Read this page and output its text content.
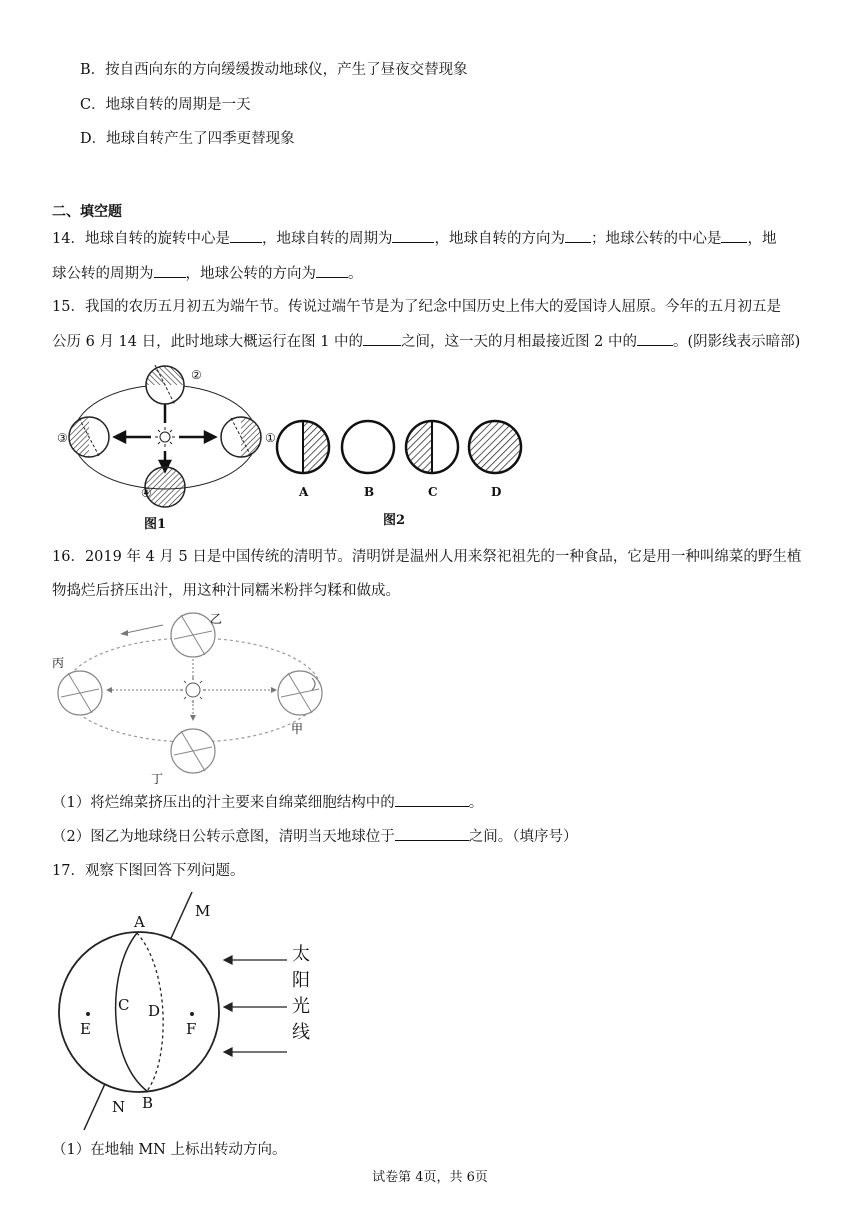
B．按自西向东的方向缓缓拨动地球仪，产生了昼夜交替现象
C．地球自转的周期是一天
D．地球自转产生了四季更替现象
二、填空题
14．地球自转的旋转中心是 ，地球自转的周期为	，地球自转的方向为 ；地球公转的中心是 ，地
球公转的周期为 ，地球公转的方向为 。
15．我国的农历五月初五为端午节。传说过端午节是为了纪念中国历史上伟大的爱国诗人屈原。今年的五月初五是
公历 6 月 14 日，此时地球大概运行在图 1 中的	之间，这一天的月相最接近图 2 中的 。(阴影线表示暗部)
①
②
③
④
图1
A	B	C	D
图2
16．2019 年 4 月 5 日是中国传统的清明节。清明饼是温州人用来祭祀祖先的一种食品，它是用一种叫绵菜的野生植
物捣烂后挤压出汁，用这种汁同糯米粉拌匀糅和做成。
乙
丙
甲
丁
（1）将烂绵菜挤压出的汁主要来自绵菜细胞结构中的	。
（2）图乙为地球绕日公转示意图，清明当天地球位于	之间。（填序号）
17．观察下图回答下列问题。
A
M
C D
E	F
N B
太
阳
光
线
（1）在地轴 MN 上标出转动方向。
试卷第 4页，共 6页
